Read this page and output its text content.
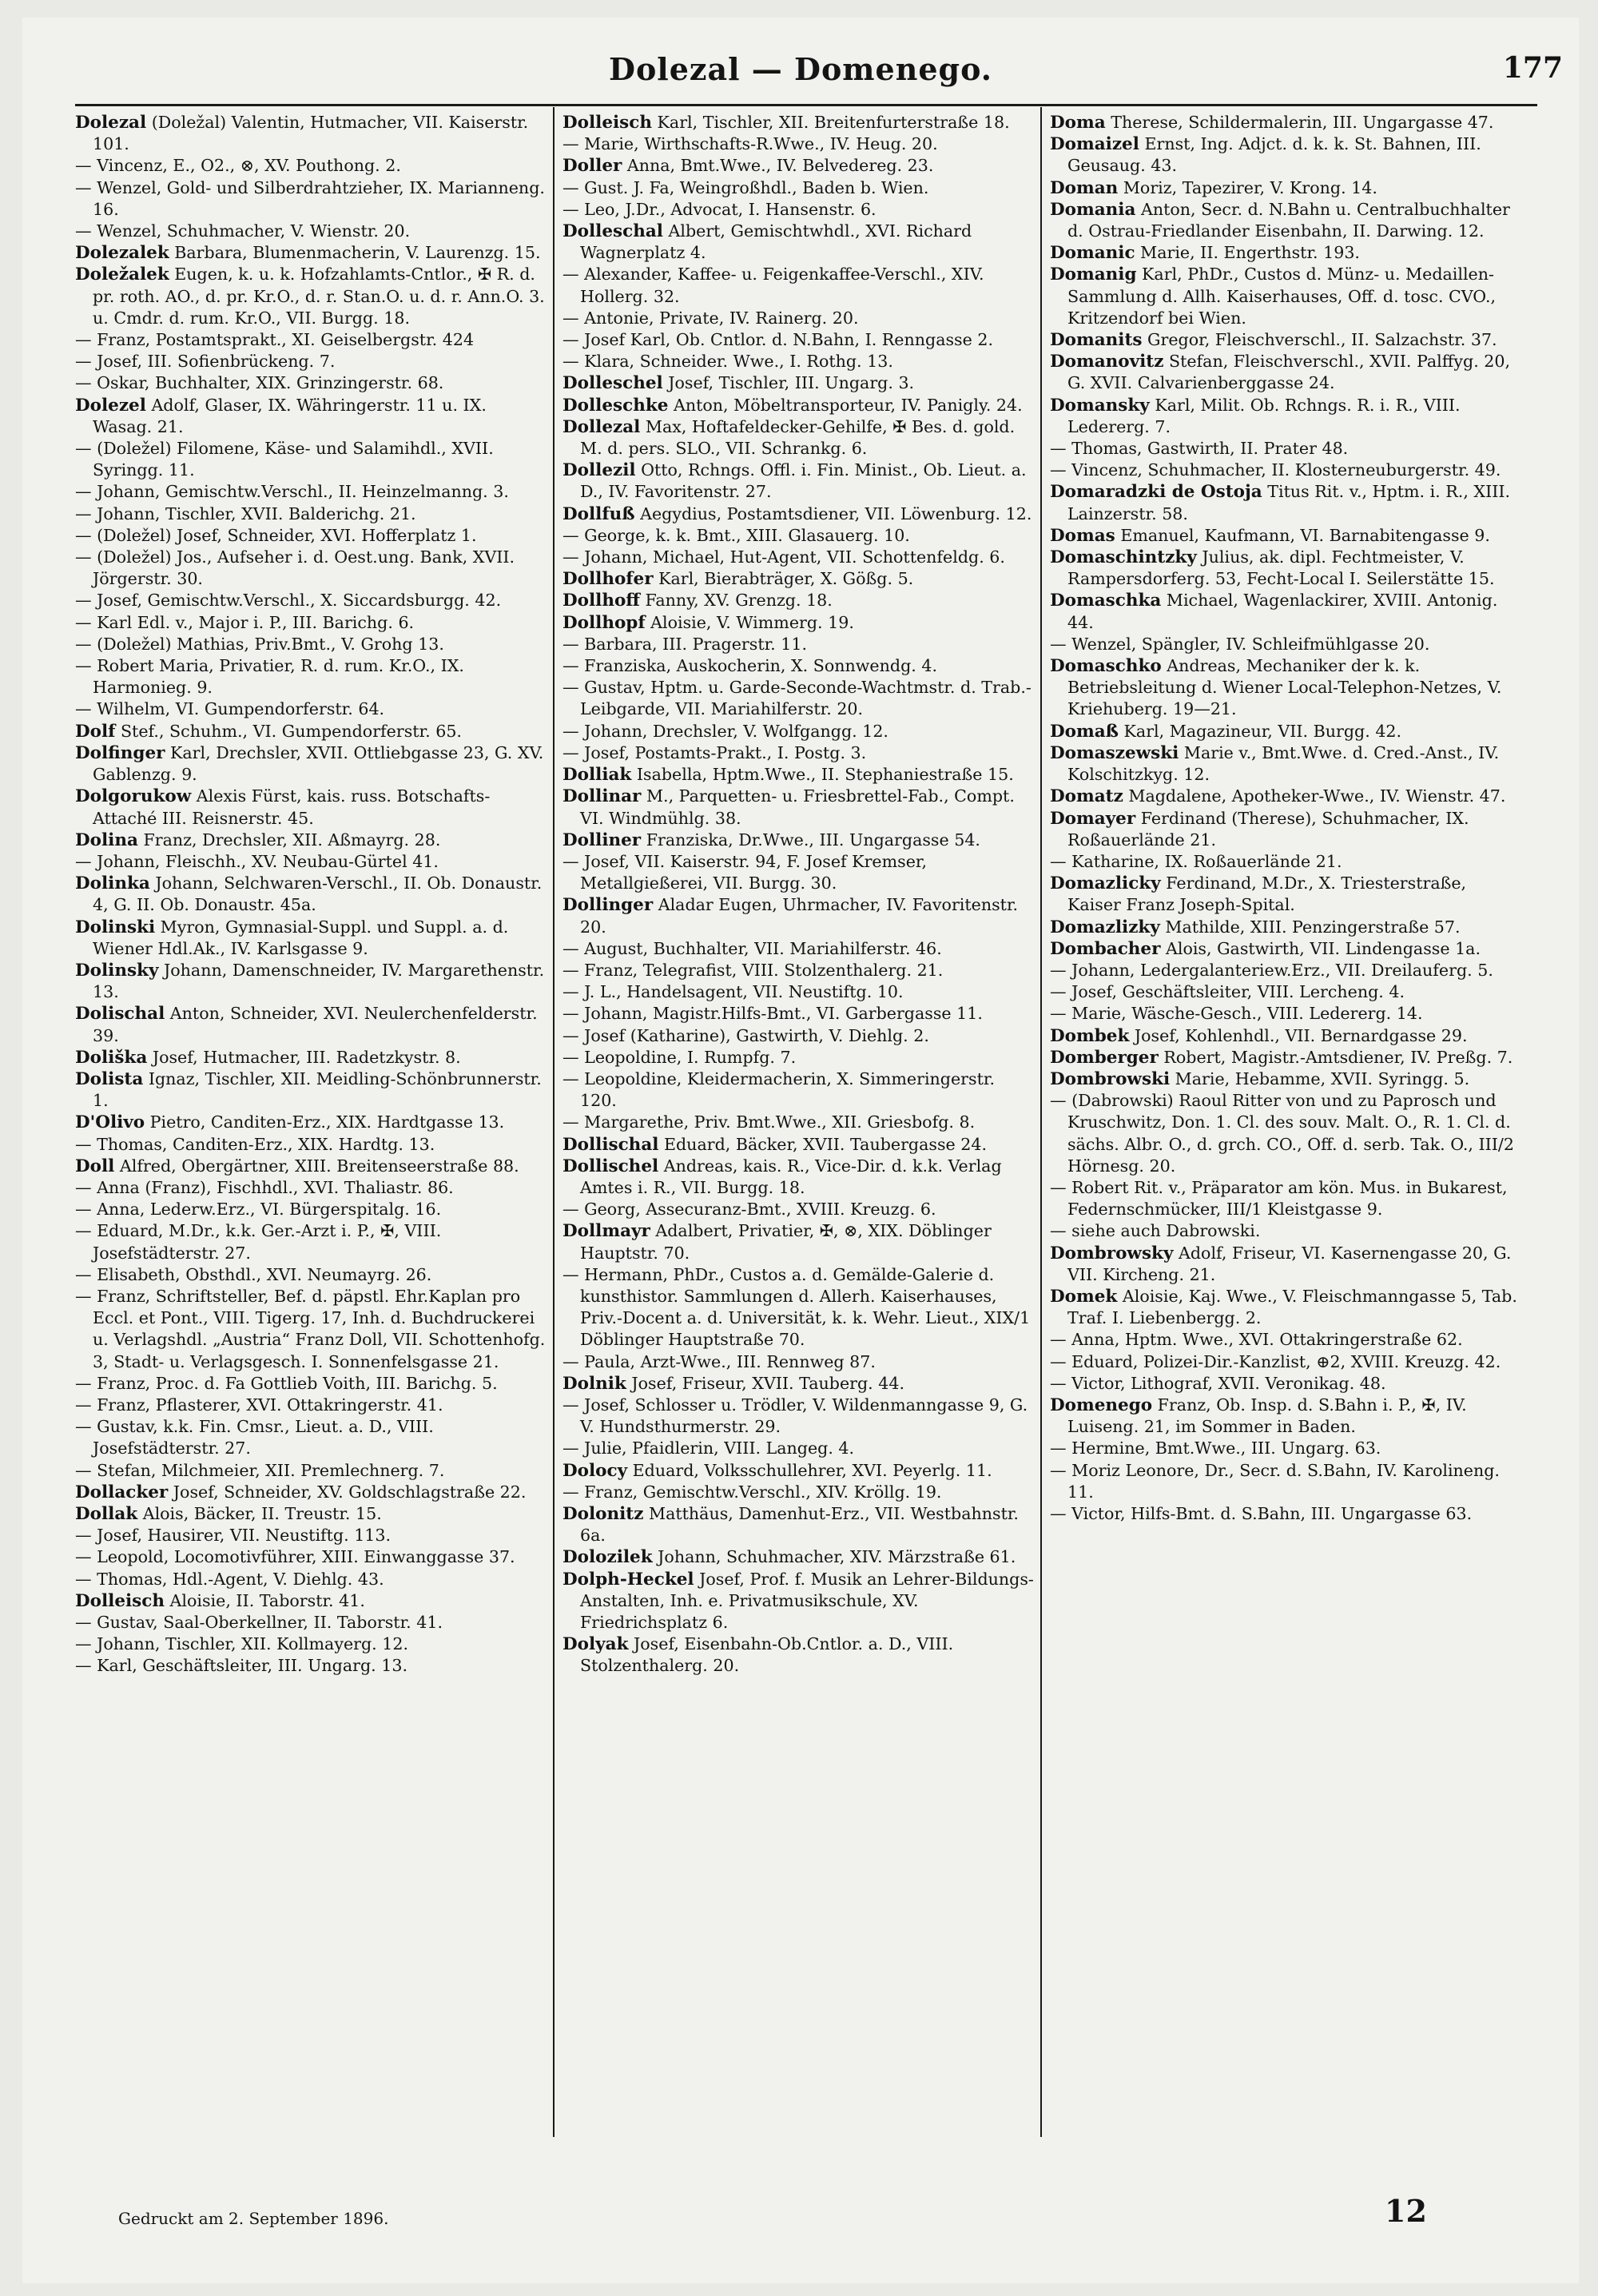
Dolezal — Domenego.	177

Dolezal (Doležal) Valentin, Hutmacher, VII. Kaiserstr. 101.

— Vincenz, E., O2., ⊗, XV. Pouthong. 2.

— Wenzel, Gold- und Silberdrahtzieher, IX. Marianneng. 16.

— Wenzel, Schuhmacher, V. Wienstr. 20.

Dolezalek Barbara, Blumenmacherin, V. Laurenzg. 15.

Doležalek Eugen, k. u. k. Hofzahlamts-Cntlor., ✠ R. d. pr. roth. AO., d. pr. Kr.O., d. r. Stan.O. u. d. r. Ann.O. 3. u. Cmdr. d. rum. Kr.O., VII. Burgg. 18.

— Franz, Postamtsprakt., XI. Geiselbergstr. 424

— Josef, III. Sofienbrückeng. 7.

— Oskar, Buchhalter, XIX. Grinzingerstr. 68.

Dolezel Adolf, Glaser, IX. Währingerstr. 11 u. IX. Wasag. 21.

— (Doležel) Filomene, Käse- und Salamihdl., XVII. Syringg. 11.

— Johann, Gemischtw.Verschl., II. Heinzelmanng. 3.

— Johann, Tischler, XVII. Balderichg. 21.

— (Doležel) Josef, Schneider, XVI. Hofferplatz 1.

— (Doležel) Jos., Aufseher i. d. Oest.ung. Bank, XVII. Jörgerstr. 30.

— Josef, Gemischtw.Verschl., X. Siccardsburgg. 42.

— Karl Edl. v., Major i. P., III. Barichg. 6.

— (Doležel) Mathias, Priv.Bmt., V. Grohg 13.

— Robert Maria, Privatier, R. d. rum. Kr.O., IX. Harmonieg. 9.

— Wilhelm, VI. Gumpendorferstr. 64.

Dolf Stef., Schuhm., VI. Gumpendorferstr. 65.

Dolfinger Karl, Drechsler, XVII. Ottliebgasse 23, G. XV. Gablenzg. 9.

Dolgorukow Alexis Fürst, kais. russ. Botschafts-Attaché III. Reisnerstr. 45.

Dolina Franz, Drechsler, XII. Aßmayrg. 28.

— Johann, Fleischh., XV. Neubau-Gürtel 41.

Dolinka Johann, Selchwaren-Verschl., II. Ob. Donaustr. 4, G. II. Ob. Donaustr. 45a.

Dolinski Myron, Gymnasial-Suppl. und Suppl. a. d. Wiener Hdl.Ak., IV. Karlsgasse 9.

Dolinsky Johann, Damenschneider, IV. Margarethenstr. 13.

Dolischal Anton, Schneider, XVI. Neulerchenfelderstr. 39.

Doliška Josef, Hutmacher, III. Radetzkystr. 8.

Dolista Ignaz, Tischler, XII. Meidling-Schönbrunnerstr. 1.

D'Olivo Pietro, Canditen-Erz., XIX. Hardtgasse 13.

— Thomas, Canditen-Erz., XIX. Hardtg. 13.

Doll Alfred, Obergärtner, XIII. Breitenseerstraße 88.

— Anna (Franz), Fischhdl., XVI. Thaliastr. 86.

— Anna, Lederw.Erz., VI. Bürgerspitalg. 16.

— Eduard, M.Dr., k.k. Ger.-Arzt i. P., ✠, VIII. Josefstädterstr. 27.

— Elisabeth, Obsthdl., XVI. Neumayrg. 26.

— Franz, Schriftsteller, Bef. d. päpstl. Ehr.Kaplan pro Eccl. et Pont., VIII. Tigerg. 17, Inh. d. Buchdruckerei u. Verlagshdl. „Austria“ Franz Doll, VII. Schottenhofg. 3, Stadt- u. Verlagsgesch. I. Sonnenfelsgasse 21.

— Franz, Proc. d. Fa Gottlieb Voith, III. Barichg. 5.

— Franz, Pflasterer, XVI. Ottakringerstr. 41.

— Gustav, k.k. Fin. Cmsr., Lieut. a. D., VIII. Josefstädterstr. 27.

— Stefan, Milchmeier, XII. Premlechnerg. 7.

Dollacker Josef, Schneider, XV. Goldschlagstraße 22.

Dollak Alois, Bäcker, II. Treustr. 15.

— Josef, Hausirer, VII. Neustiftg. 113.

— Leopold, Locomotivführer, XIII. Einwanggasse 37.

— Thomas, Hdl.-Agent, V. Diehlg. 43.

Dolleisch Aloisie, II. Taborstr. 41.

— Gustav, Saal-Oberkellner, II. Taborstr. 41.

— Johann, Tischler, XII. Kollmayerg. 12.

— Karl, Geschäftsleiter, III. Ungarg. 13.

Dolleisch Karl, Tischler, XII. Breitenfurterstraße 18.

— Marie, Wirthschafts-R.Wwe., IV. Heug. 20.

Doller Anna, Bmt.Wwe., IV. Belvedereg. 23.

— Gust. J. Fa, Weingroßhdl., Baden b. Wien.

— Leo, J.Dr., Advocat, I. Hansenstr. 6.

Dolleschal Albert, Gemischtwhdl., XVI. Richard Wagnerplatz 4.

— Alexander, Kaffee- u. Feigenkaffee-Verschl., XIV. Hollerg. 32.

— Antonie, Private, IV. Rainerg. 20.

— Josef Karl, Ob. Cntlor. d. N.Bahn, I. Renngasse 2.

— Klara, Schneider. Wwe., I. Rothg. 13.

Dolleschel Josef, Tischler, III. Ungarg. 3.

Dolleschke Anton, Möbeltransporteur, IV. Panigly. 24.

Dollezal Max, Hoftafeldecker-Gehilfe, ✠ Bes. d. gold. M. d. pers. SLO., VII. Schrankg. 6.

Dollezil Otto, Rchngs. Offl. i. Fin. Minist., Ob. Lieut. a. D., IV. Favoritenstr. 27.

Dollfuß Aegydius, Postamtsdiener, VII. Löwenburg. 12.

— George, k. k. Bmt., XIII. Glasauerg. 10.

— Johann, Michael, Hut-Agent, VII. Schottenfeldg. 6.

Dollhofer Karl, Bierabträger, X. Gößg. 5.

Dollhoff Fanny, XV. Grenzg. 18.

Dollhopf Aloisie, V. Wimmerg. 19.

— Barbara, III. Pragerstr. 11.

— Franziska, Auskocherin, X. Sonnwendg. 4.

— Gustav, Hptm. u. Garde-Seconde-Wachtmstr. d. Trab.-Leibgarde, VII. Mariahilferstr. 20.

— Johann, Drechsler, V. Wolfgangg. 12.

— Josef, Postamts-Prakt., I. Postg. 3.

Dolliak Isabella, Hptm.Wwe., II. Stephaniestraße 15.

Dollinar M., Parquetten- u. Friesbrettel-Fab., Compt. VI. Windmühlg. 38.

Dolliner Franziska, Dr.Wwe., III. Ungargasse 54.

— Josef, VII. Kaiserstr. 94, F. Josef Kremser, Metallgießerei, VII. Burgg. 30.

Dollinger Aladar Eugen, Uhrmacher, IV. Favoritenstr. 20.

— August, Buchhalter, VII. Mariahilferstr. 46.

— Franz, Telegrafist, VIII. Stolzenthalerg. 21.

— J. L., Handelsagent, VII. Neustiftg. 10.

— Johann, Magistr.Hilfs-Bmt., VI. Garbergasse 11.

— Josef (Katharine), Gastwirth, V. Diehlg. 2.

— Leopoldine, I. Rumpfg. 7.

— Leopoldine, Kleidermacherin, X. Simmeringerstr. 120.

— Margarethe, Priv. Bmt.Wwe., XII. Griesbofg. 8.

Dollischal Eduard, Bäcker, XVII. Taubergasse 24.

Dollischel Andreas, kais. R., Vice-Dir. d. k.k. Verlag Amtes i. R., VII. Burgg. 18.

— Georg, Assecuranz-Bmt., XVIII. Kreuzg. 6.

Dollmayr Adalbert, Privatier, ✠, ⊗, XIX. Döblinger Hauptstr. 70.

— Hermann, PhDr., Custos a. d. Gemälde-Galerie d. kunsthistor. Sammlungen d. Allerh. Kaiserhauses, Priv.-Docent a. d. Universität, k. k. Wehr. Lieut., XIX/1 Döblinger Hauptstraße 70.

— Paula, Arzt-Wwe., III. Rennweg 87.

Dolnik Josef, Friseur, XVII. Tauberg. 44.

— Josef, Schlosser u. Trödler, V. Wildenmanngasse 9, G. V. Hundsthurmerstr. 29.

— Julie, Pfaidlerin, VIII. Langeg. 4.

Dolocy Eduard, Volksschullehrer, XVI. Peyerlg. 11.

— Franz, Gemischtw.Verschl., XIV. Kröllg. 19.

Dolonitz Matthäus, Damenhut-Erz., VII. Westbahnstr. 6a.

Dolozilek Johann, Schuhmacher, XIV. Märzstraße 61.

Dolph-Heckel Josef, Prof. f. Musik an Lehrer-Bildungs-Anstalten, Inh. e. Privatmusikschule, XV. Friedrichsplatz 6.

Dolyak Josef, Eisenbahn-Ob.Cntlor. a. D., VIII. Stolzenthalerg. 20.

Doma Therese, Schildermalerin, III. Ungargasse 47.

Domaizel Ernst, Ing. Adjct. d. k. k. St. Bahnen, III. Geusaug. 43.

Doman Moriz, Tapezirer, V. Krong. 14.

Domania Anton, Secr. d. N.Bahn u. Centralbuchhalter d. Ostrau-Friedlander Eisenbahn, II. Darwing. 12.

Domanic Marie, II. Engerthstr. 193.

Domanig Karl, PhDr., Custos d. Münz- u. Medaillen-Sammlung d. Allh. Kaiserhauses, Off. d. tosc. CVO., Kritzendorf bei Wien.

Domanits Gregor, Fleischverschl., II. Salzachstr. 37.

Domanovitz Stefan, Fleischverschl., XVII. Palffyg. 20, G. XVII. Calvarienberggasse 24.

Domansky Karl, Milit. Ob. Rchngs. R. i. R., VIII. Ledererg. 7.

— Thomas, Gastwirth, II. Prater 48.

— Vincenz, Schuhmacher, II. Klosterneuburgerstr. 49.

Domaradzki de Ostoja Titus Rit. v., Hptm. i. R., XIII. Lainzerstr. 58.

Domas Emanuel, Kaufmann, VI. Barnabitengasse 9.

Domaschintzky Julius, ak. dipl. Fechtmeister, V. Rampersdorferg. 53, Fecht-Local I. Seilerstätte 15.

Domaschka Michael, Wagenlackirer, XVIII. Antonig. 44.

— Wenzel, Spängler, IV. Schleifmühlgasse 20.

Domaschko Andreas, Mechaniker der k. k. Betriebsleitung d. Wiener Local-Telephon-Netzes, V. Kriehuberg. 19—21.

Domaß Karl, Magazineur, VII. Burgg. 42.

Domaszewski Marie v., Bmt.Wwe. d. Cred.-Anst., IV. Kolschitzkyg. 12.

Domatz Magdalene, Apotheker-Wwe., IV. Wienstr. 47.

Domayer Ferdinand (Therese), Schuhmacher, IX. Roßauerlände 21.

— Katharine, IX. Roßauerlände 21.

Domazlicky Ferdinand, M.Dr., X. Triesterstraße, Kaiser Franz Joseph-Spital.

Domazlizky Mathilde, XIII. Penzingerstraße 57.

Dombacher Alois, Gastwirth, VII. Lindengasse 1a.

— Johann, Ledergalanteriew.Erz., VII. Dreilauferg. 5.

— Josef, Geschäftsleiter, VIII. Lercheng. 4.

— Marie, Wäsche-Gesch., VIII. Ledererg. 14.

Dombek Josef, Kohlenhdl., VII. Bernardgasse 29.

Domberger Robert, Magistr.-Amtsdiener, IV. Preßg. 7.

Dombrowski Marie, Hebamme, XVII. Syringg. 5.

— (Dabrowski) Raoul Ritter von und zu Paprosch und Kruschwitz, Don. 1. Cl. des souv. Malt. O., R. 1. Cl. d. sächs. Albr. O., d. grch. CO., Off. d. serb. Tak. O., III/2 Hörnesg. 20.

— Robert Rit. v., Präparator am kön. Mus. in Bukarest, Federnschmücker, III/1 Kleistgasse 9.

— siehe auch Dabrowski.

Dombrowsky Adolf, Friseur, VI. Kasernengasse 20, G. VII. Kircheng. 21.

Domek Aloisie, Kaj. Wwe., V. Fleischmanngasse 5, Tab. Traf. I. Liebenbergg. 2.

— Anna, Hptm. Wwe., XVI. Ottakringerstraße 62.

— Eduard, Polizei-Dir.-Kanzlist, ⊕2, XVIII. Kreuzg. 42.

— Victor, Lithograf, XVII. Veronikag. 48.

Domenego Franz, Ob. Insp. d. S.Bahn i. P., ✠, IV. Luiseng. 21, im Sommer in Baden.

— Hermine, Bmt.Wwe., III. Ungarg. 63.

— Moriz Leonore, Dr., Secr. d. S.Bahn, IV. Karolineng. 11.

— Victor, Hilfs-Bmt. d. S.Bahn, III. Ungargasse 63.

Gedruckt am 2. September 1896.	12
